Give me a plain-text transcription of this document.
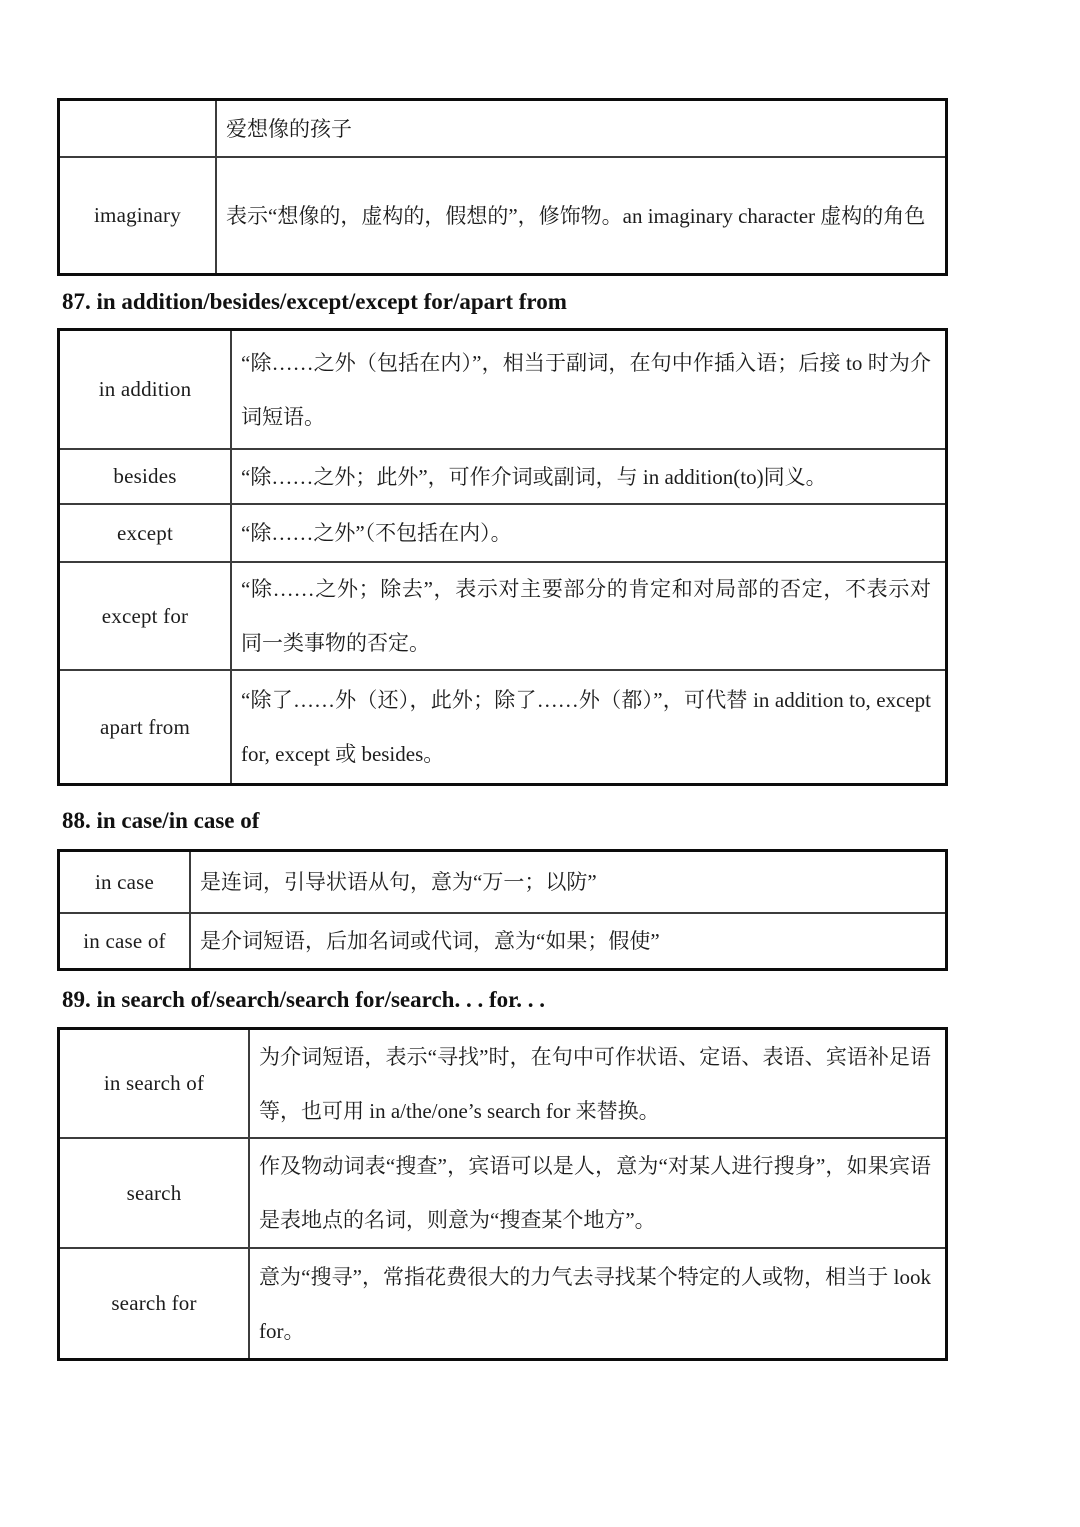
爱想像的孩子
imaginary 表示“想像的，虚构的，假想的”，修饰物。an imaginary character 虚构的角色
87. in addition/besides/except/except for/apart from
in addition
“除……之外（包括在内）”，相当于副词，在句中作插入语；后接 to 时为介词短语。
besides	“除……之外；此外”，可作介词或副词，与 in addition(to)同义。
except	“除……之外”（不包括在内）。
except for
“除……之外；除去”，表示对主要部分的肯定和对局部的否定，不表示对同一类事物的否定。
apart from
“除了……外（还），此外；除了……外（都）”，可代替 in addition to, except for, except 或 besides。
88. in case/in case of
in case 是连词，引导状语从句，意为“万一；以防”
in case of 是介词短语，后加名词或代词，意为“如果；假使”
89. in search of/search/search for/search. . . for. . .
in search of
为介词短语，表示“寻找”时，在句中可作状语、定语、表语、宾语补足语等，也可用 in a/the/one’s search for 来替换。
search
作及物动词表“搜查”，宾语可以是人，意为“对某人进行搜身”，如果宾语是表地点的名词，则意为“搜查某个地方”。
search for
意为“搜寻”，常指花费很大的力气去寻找某个特定的人或物，相当于 look for。
